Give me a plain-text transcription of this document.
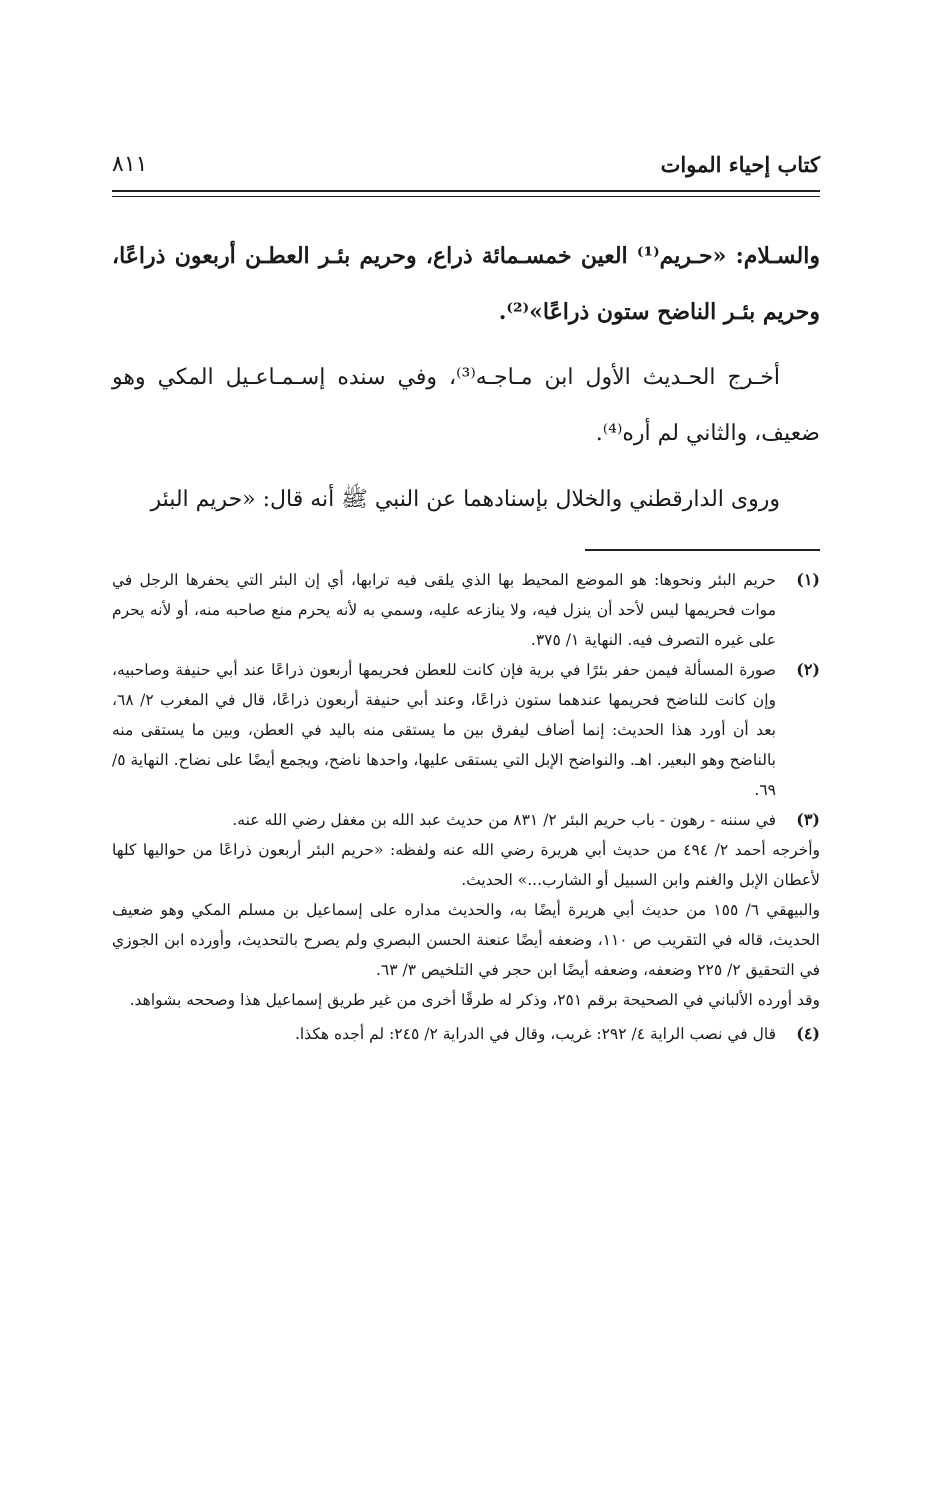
كتاب إحياء الموات
٨١١

والسـلام: «حـريم⁽¹⁾ العين خمسـمائة ذراع، وحريم بئـر العطـن أربعون ذراعًا، وحريم بئـر الناضح ستون ذراعًا»⁽²⁾.

أخـرج الحـديث الأول ابن مـاجـه⁽³⁾، وفي سنده إسـمـاعـيل المكي وهو ضعيف، والثاني لم أره⁽⁴⁾.

وروى الدارقطني والخلال بإسنادهما عن النبي ﷺ أنه قال: «حريم البئر

(١)
حريم البئر ونحوها: هو الموضع المحيط بها الذي يلقى فيه ترابها، أي إن البئر التي يحفرها الرجل في موات فحريمها ليس لأحد أن ينزل فيه، ولا ينازعه عليه، وسمي به لأنه يحرم منع صاحبه منه، أو لأنه يحرم على غيره التصرف فيه. النهاية ١/ ٣٧٥.
(٢)
صورة المسألة فيمن حفر بئرًا في برية فإن كانت للعطن فحريمها أربعون ذراعًا عند أبي حنيفة وصاحبيه، وإن كانت للناضح فحريمها عندهما ستون ذراعًا، وعند أبي حنيفة أربعون ذراعًا، قال في المغرب ٢/ ٦٨، بعد أن أورد هذا الحديث: إنما أضاف ليفرق بين ما يستقى منه باليد في العطن، وبين ما يستقى منه بالناضح وهو البعير. اهـ. والنواضح الإبل التي يستقى عليها، واحدها ناضح، ويجمع أيضًا على نضاح. النهاية ٥/ ٦٩.
(٣)
في سننه - رهون - باب حريم البئر ٢/ ٨٣١ من حديث عبد الله بن مغفل رضي الله عنه.
وأخرجه أحمد ٢/ ٤٩٤ من حديث أبي هريرة رضي الله عنه ولفظه: «حريم البئر أربعون ذراعًا من حواليها كلها لأعطان الإبل والغنم وابن السبيل أو الشارب...» الحديث.
والبيهقي ٦/ ١٥٥ من حديث أبي هريرة أيضًا به، والحديث مداره على إسماعيل بن مسلم المكي وهو ضعيف الحديث، قاله في التقريب ص ١١٠، وضعفه أيضًا عنعنة الحسن البصري ولم يصرح بالتحديث، وأورده ابن الجوزي في التحقيق ٢/ ٢٢٥ وضعفه، وضعفه أيضًا ابن حجر في التلخيص ٣/ ٦٣.
وقد أورده الألباني في الصحيحة برقم ٢٥١، وذكر له طرقًا أخرى من غير طريق إسماعيل هذا وصححه بشواهد.
(٤)
قال في نصب الراية ٤/ ٢٩٢: غريب، وقال في الدراية ٢/ ٢٤٥: لم أجده هكذا.
